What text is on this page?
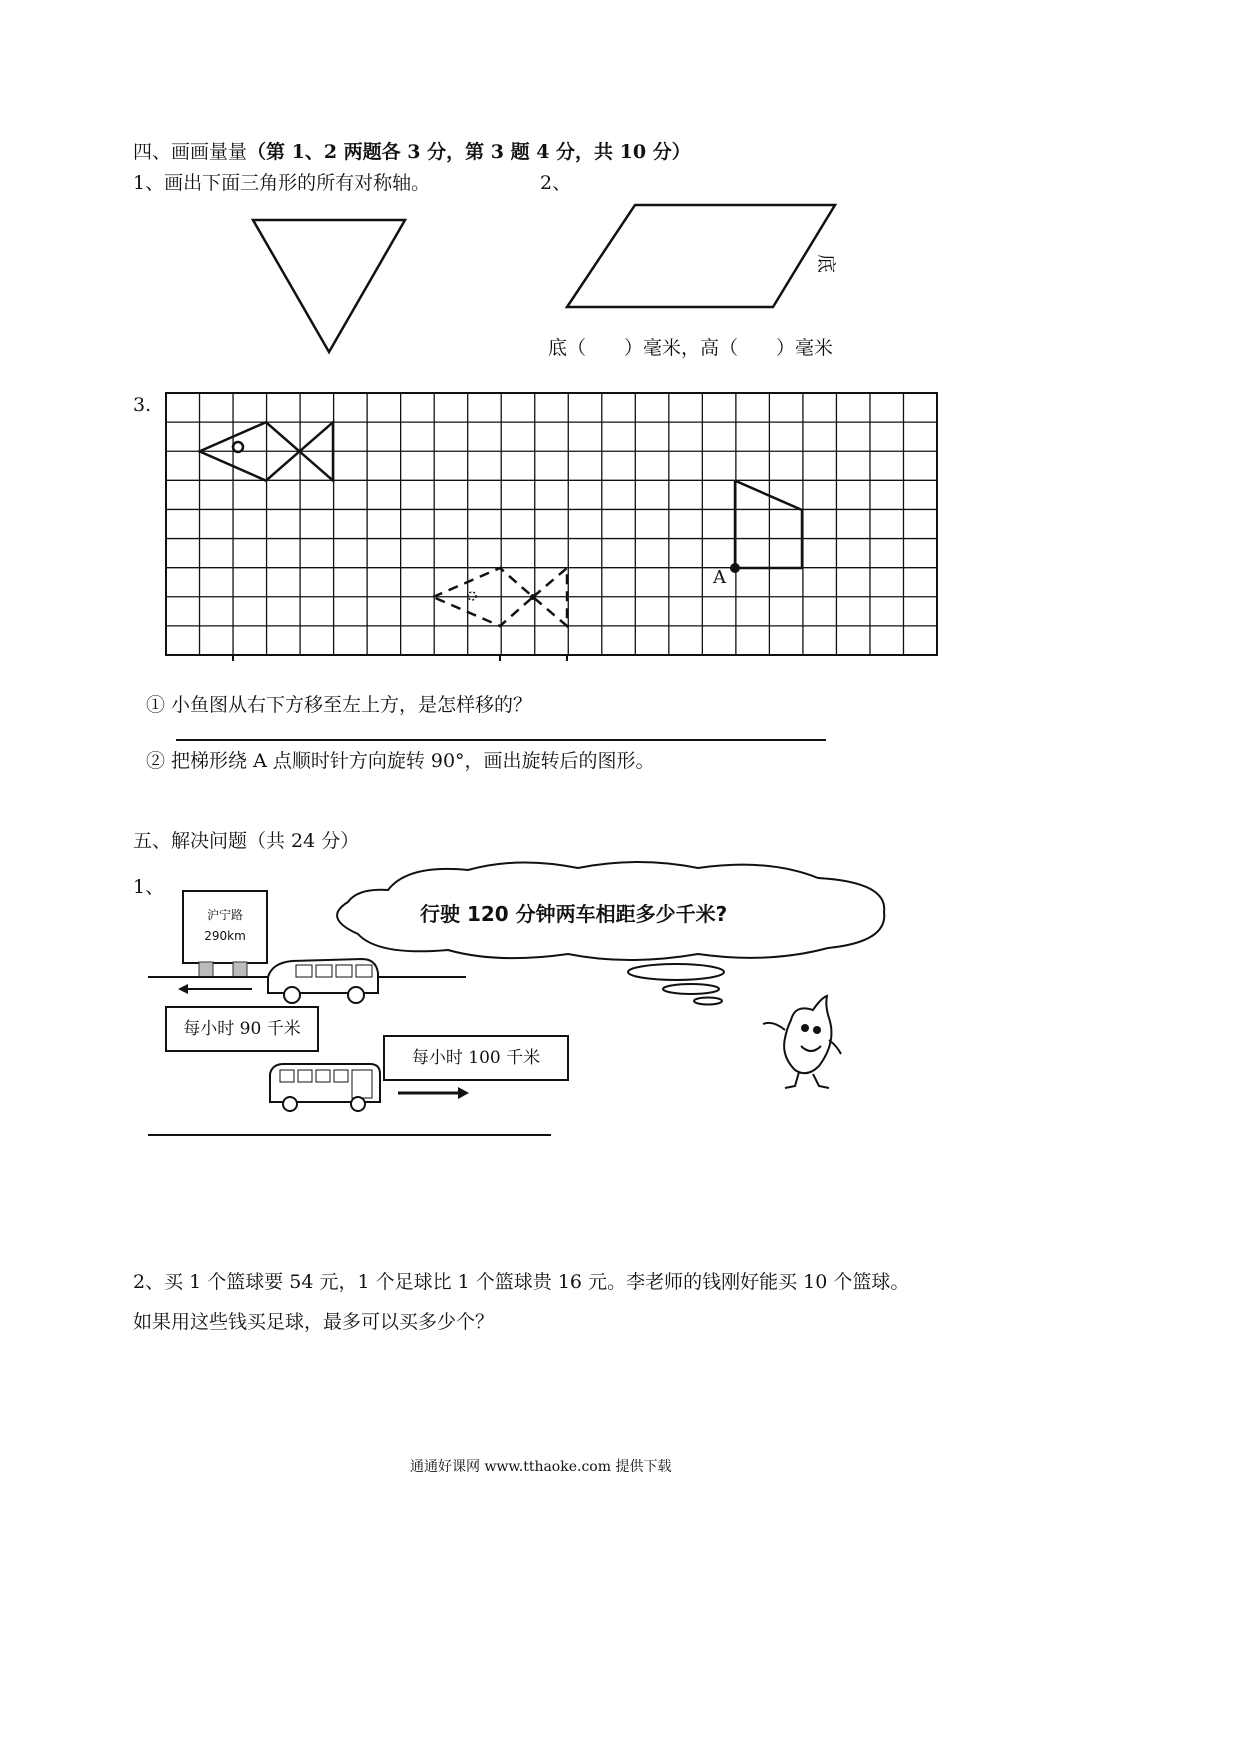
四、画画量量（第 1、2 两题各 3 分，第 3 题 4 分，共 10 分）
1、画出下面三角形的所有对称轴。	2、
底
底（　　）毫米，高（　　）毫米
3.
A
① 小鱼图从右下方移至左上方，是怎样移的？
② 把梯形绕 A 点顺时针方向旋转 90°，画出旋转后的图形。
五、解决问题（共 24 分）
1、
沪宁路
290km
每小时 90 千米
每小时 100 千米
行驶 120 分钟两车相距多少千米?
2、买 1 个篮球要 54 元，1 个足球比 1 个篮球贵 16 元。李老师的钱刚好能买 10 个篮球。
如果用这些钱买足球，最多可以买多少个？
通通好课网 www.tthaoke.com 提供下载
